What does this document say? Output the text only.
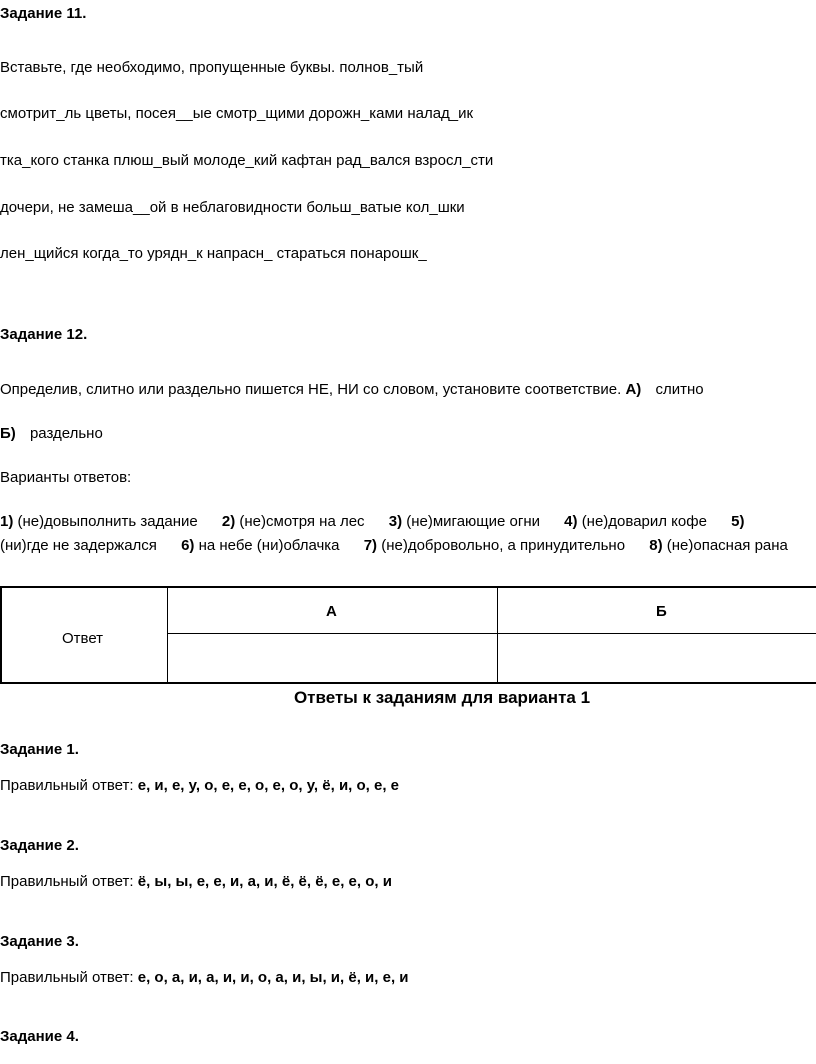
Задание 11.
Вставьте, где необходимо, пропущенные буквы. полнов_тый
смотрит_ль цветы, посея__ые смотр_щими дорожн_ками налад_ик
тка_кого станка плюш_вый молоде_кий кафтан рад_вался взросл_сти
дочери, не замеша__ой в неблаговидности больш_ватые кол_шки
лен_щийся когда_то урядн_к напрасн_ стараться понарошк_
Задание 12.
Определив, слитно или раздельно пишется НЕ, НИ со словом, установите соответствие. А) слитно
Б) раздельно
Варианты ответов:
1) (не)довыполнить задание 2) (не)смотря на лес 3) (не)мигающие огни 4) (не)доварил кофе 5)
(ни)где не задержался 6) на небе (ни)облачка 7) (не)добровольно, а принудительно 8) (не)опасная рана
Ответ
А	Б
Ответы к заданиям для варианта 1
Задание 1.
Правильный ответ: е, и, е, у, о, е, е, о, е, о, у, ё, и, о, е, е
Задание 2.
Правильный ответ: ё, ы, ы, е, е, и, а, и, ё, ё, ё, е, е, о, и
Задание 3.
Правильный ответ: е, о, а, и, а, и, и, о, а, и, ы, и, ё, и, е, и
Задание 4.
